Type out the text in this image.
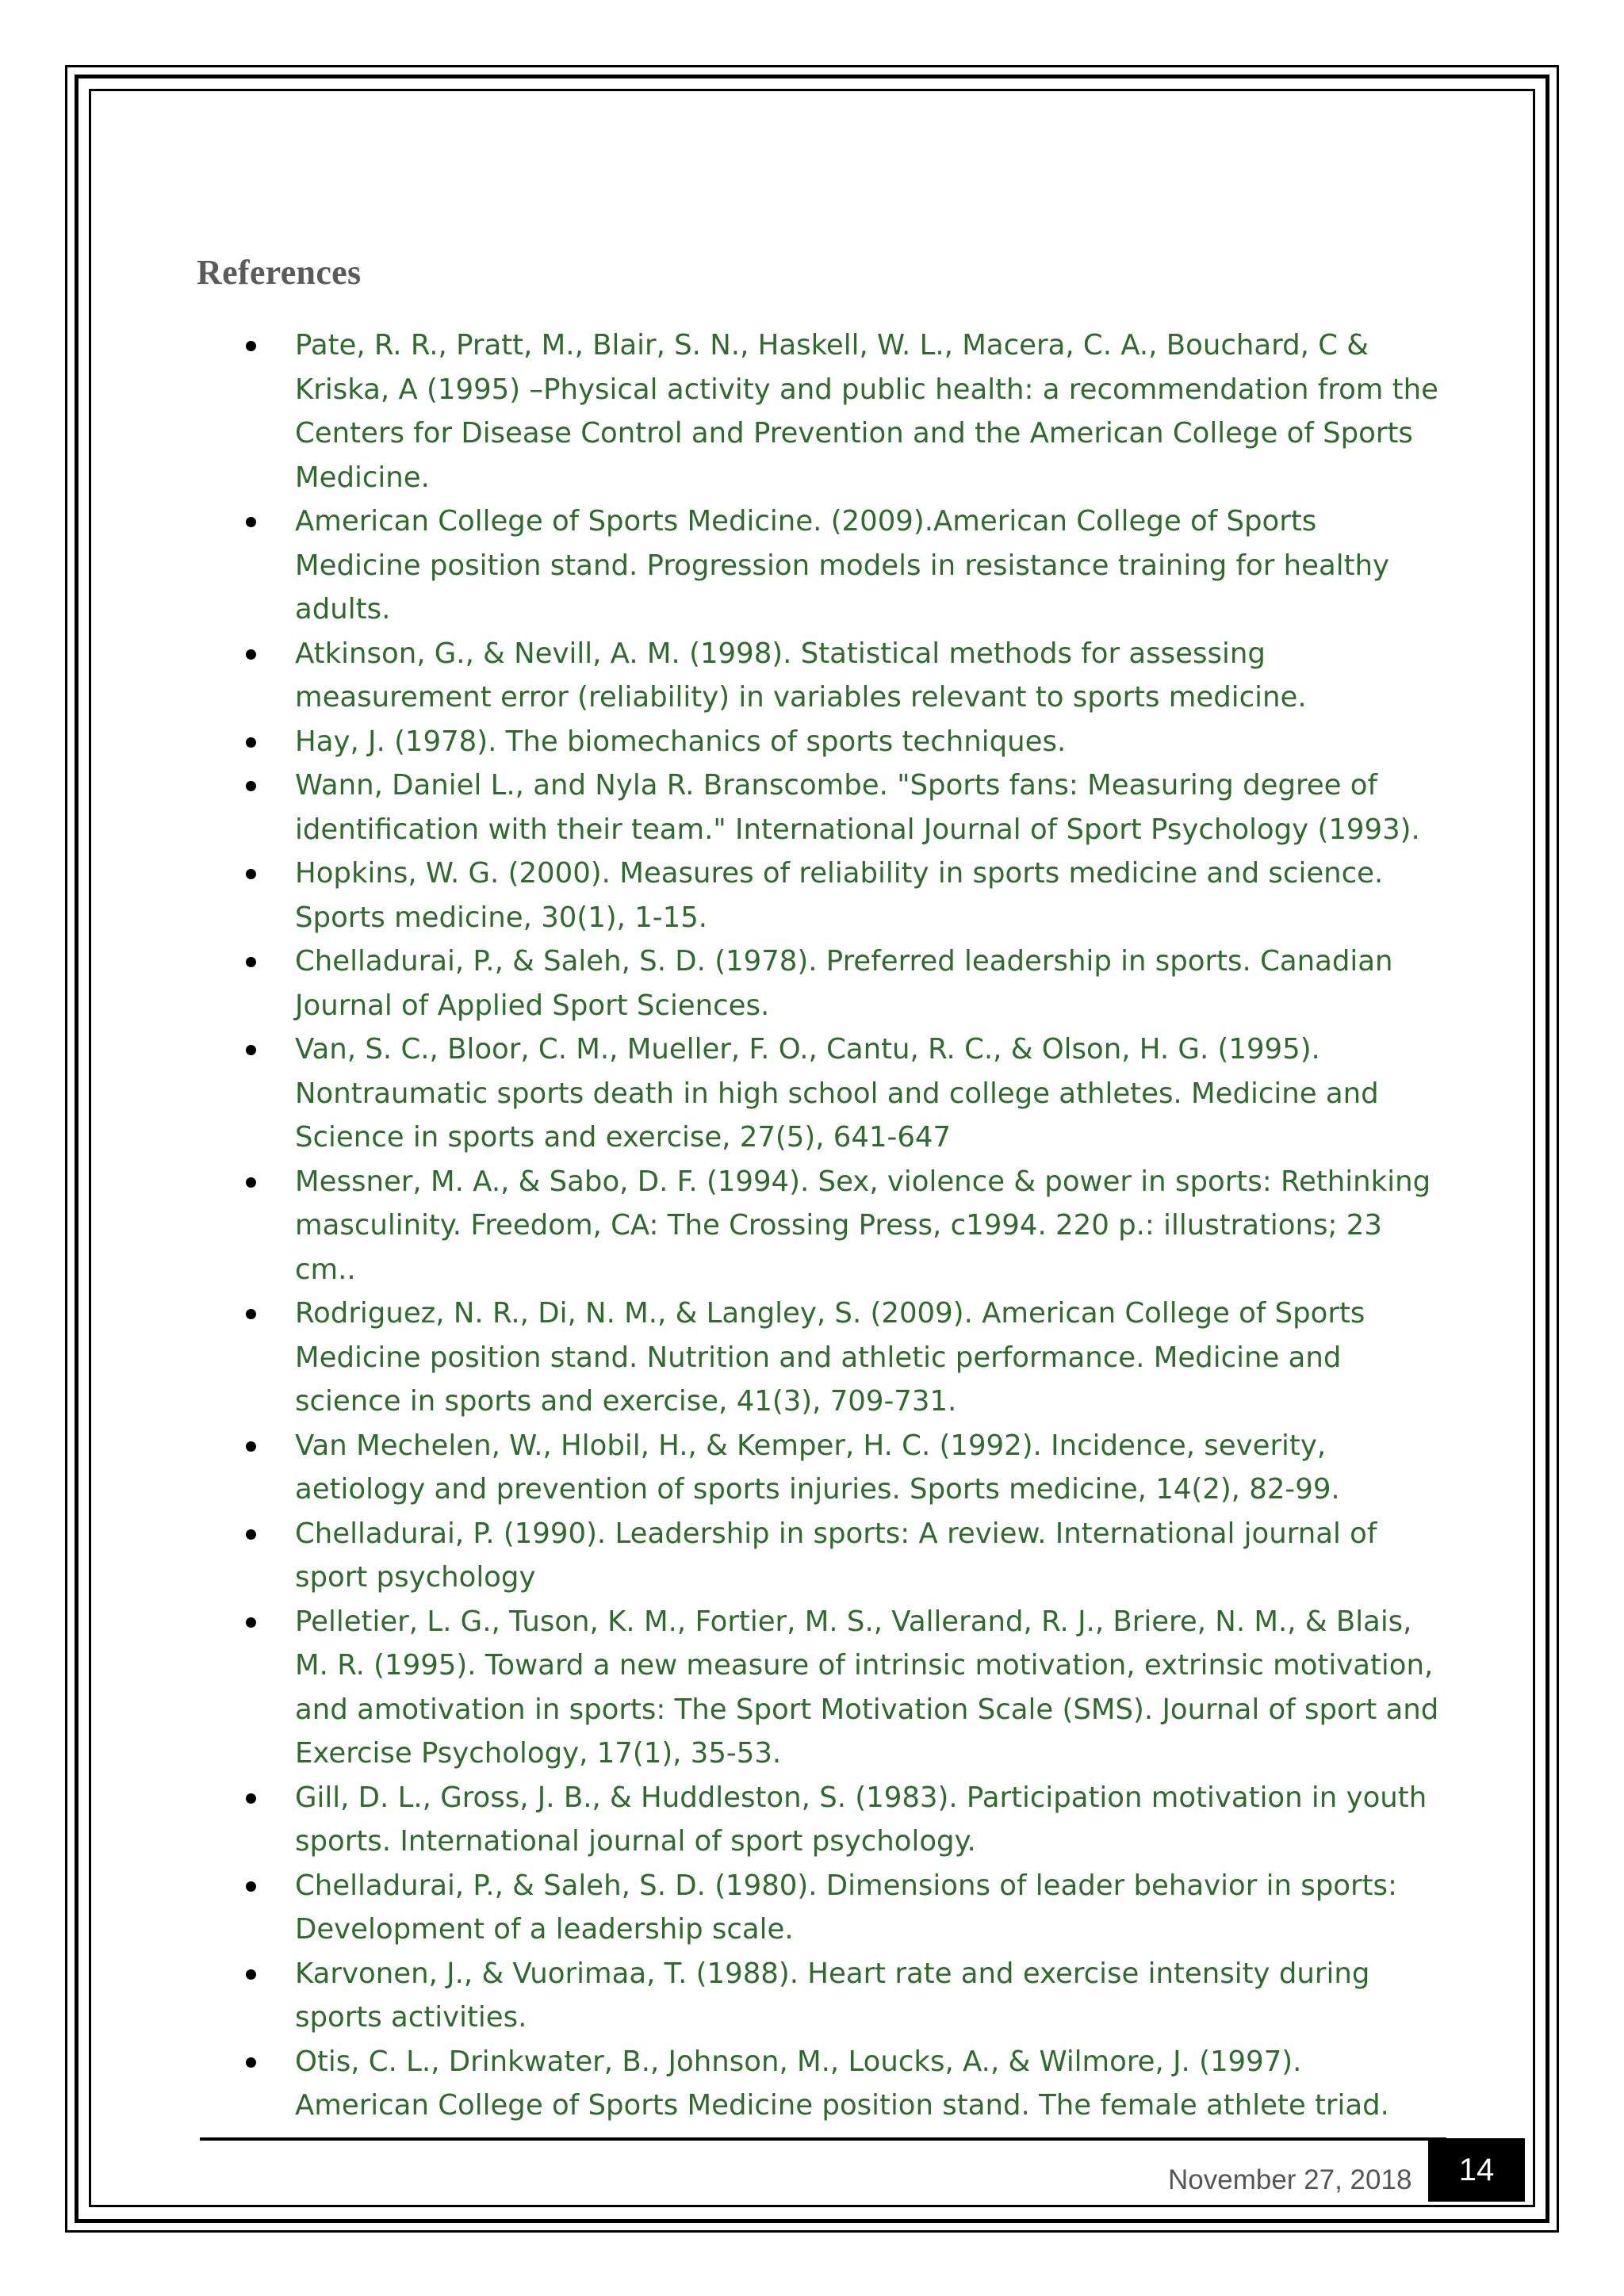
References
Pate, R. R., Pratt, M., Blair, S. N., Haskell, W. L., Macera, C. A., Bouchard, C & Kriska, A (1995) –Physical activity and public health: a recommendation from the Centers for Disease Control and Prevention and the American College of Sports Medicine.
American College of Sports Medicine. (2009).American College of Sports Medicine position stand. Progression models in resistance training for healthy adults.
Atkinson, G., & Nevill, A. M. (1998). Statistical methods for assessing measurement error (reliability) in variables relevant to sports medicine.
Hay, J. (1978). The biomechanics of sports techniques.
Wann, Daniel L., and Nyla R. Branscombe. "Sports fans: Measuring degree of identification with their team." International Journal of Sport Psychology (1993).
Hopkins, W. G. (2000). Measures of reliability in sports medicine and science. Sports medicine, 30(1), 1-15.
Chelladurai, P., & Saleh, S. D. (1978). Preferred leadership in sports. Canadian Journal of Applied Sport Sciences.
Van, S. C., Bloor, C. M., Mueller, F. O., Cantu, R. C., & Olson, H. G. (1995). Nontraumatic sports death in high school and college athletes. Medicine and Science in sports and exercise, 27(5), 641-647
Messner, M. A., & Sabo, D. F. (1994). Sex, violence & power in sports: Rethinking masculinity. Freedom, CA: The Crossing Press, c1994. 220 p.: illustrations; 23 cm..
Rodriguez, N. R., Di, N. M., & Langley, S. (2009). American College of Sports Medicine position stand. Nutrition and athletic performance. Medicine and science in sports and exercise, 41(3), 709-731.
Van Mechelen, W., Hlobil, H., & Kemper, H. C. (1992). Incidence, severity, aetiology and prevention of sports injuries. Sports medicine, 14(2), 82-99.
Chelladurai, P. (1990). Leadership in sports: A review. International journal of sport psychology
Pelletier, L. G., Tuson, K. M., Fortier, M. S., Vallerand, R. J., Briere, N. M., & Blais, M. R. (1995). Toward a new measure of intrinsic motivation, extrinsic motivation, and amotivation in sports: The Sport Motivation Scale (SMS). Journal of sport and Exercise Psychology, 17(1), 35-53.
Gill, D. L., Gross, J. B., & Huddleston, S. (1983). Participation motivation in youth sports. International journal of sport psychology.
Chelladurai, P., & Saleh, S. D. (1980). Dimensions of leader behavior in sports: Development of a leadership scale.
Karvonen, J., & Vuorimaa, T. (1988). Heart rate and exercise intensity during sports activities.
Otis, C. L., Drinkwater, B., Johnson, M., Loucks, A., & Wilmore, J. (1997). American College of Sports Medicine position stand. The female athlete triad.
November 27, 2018 14
